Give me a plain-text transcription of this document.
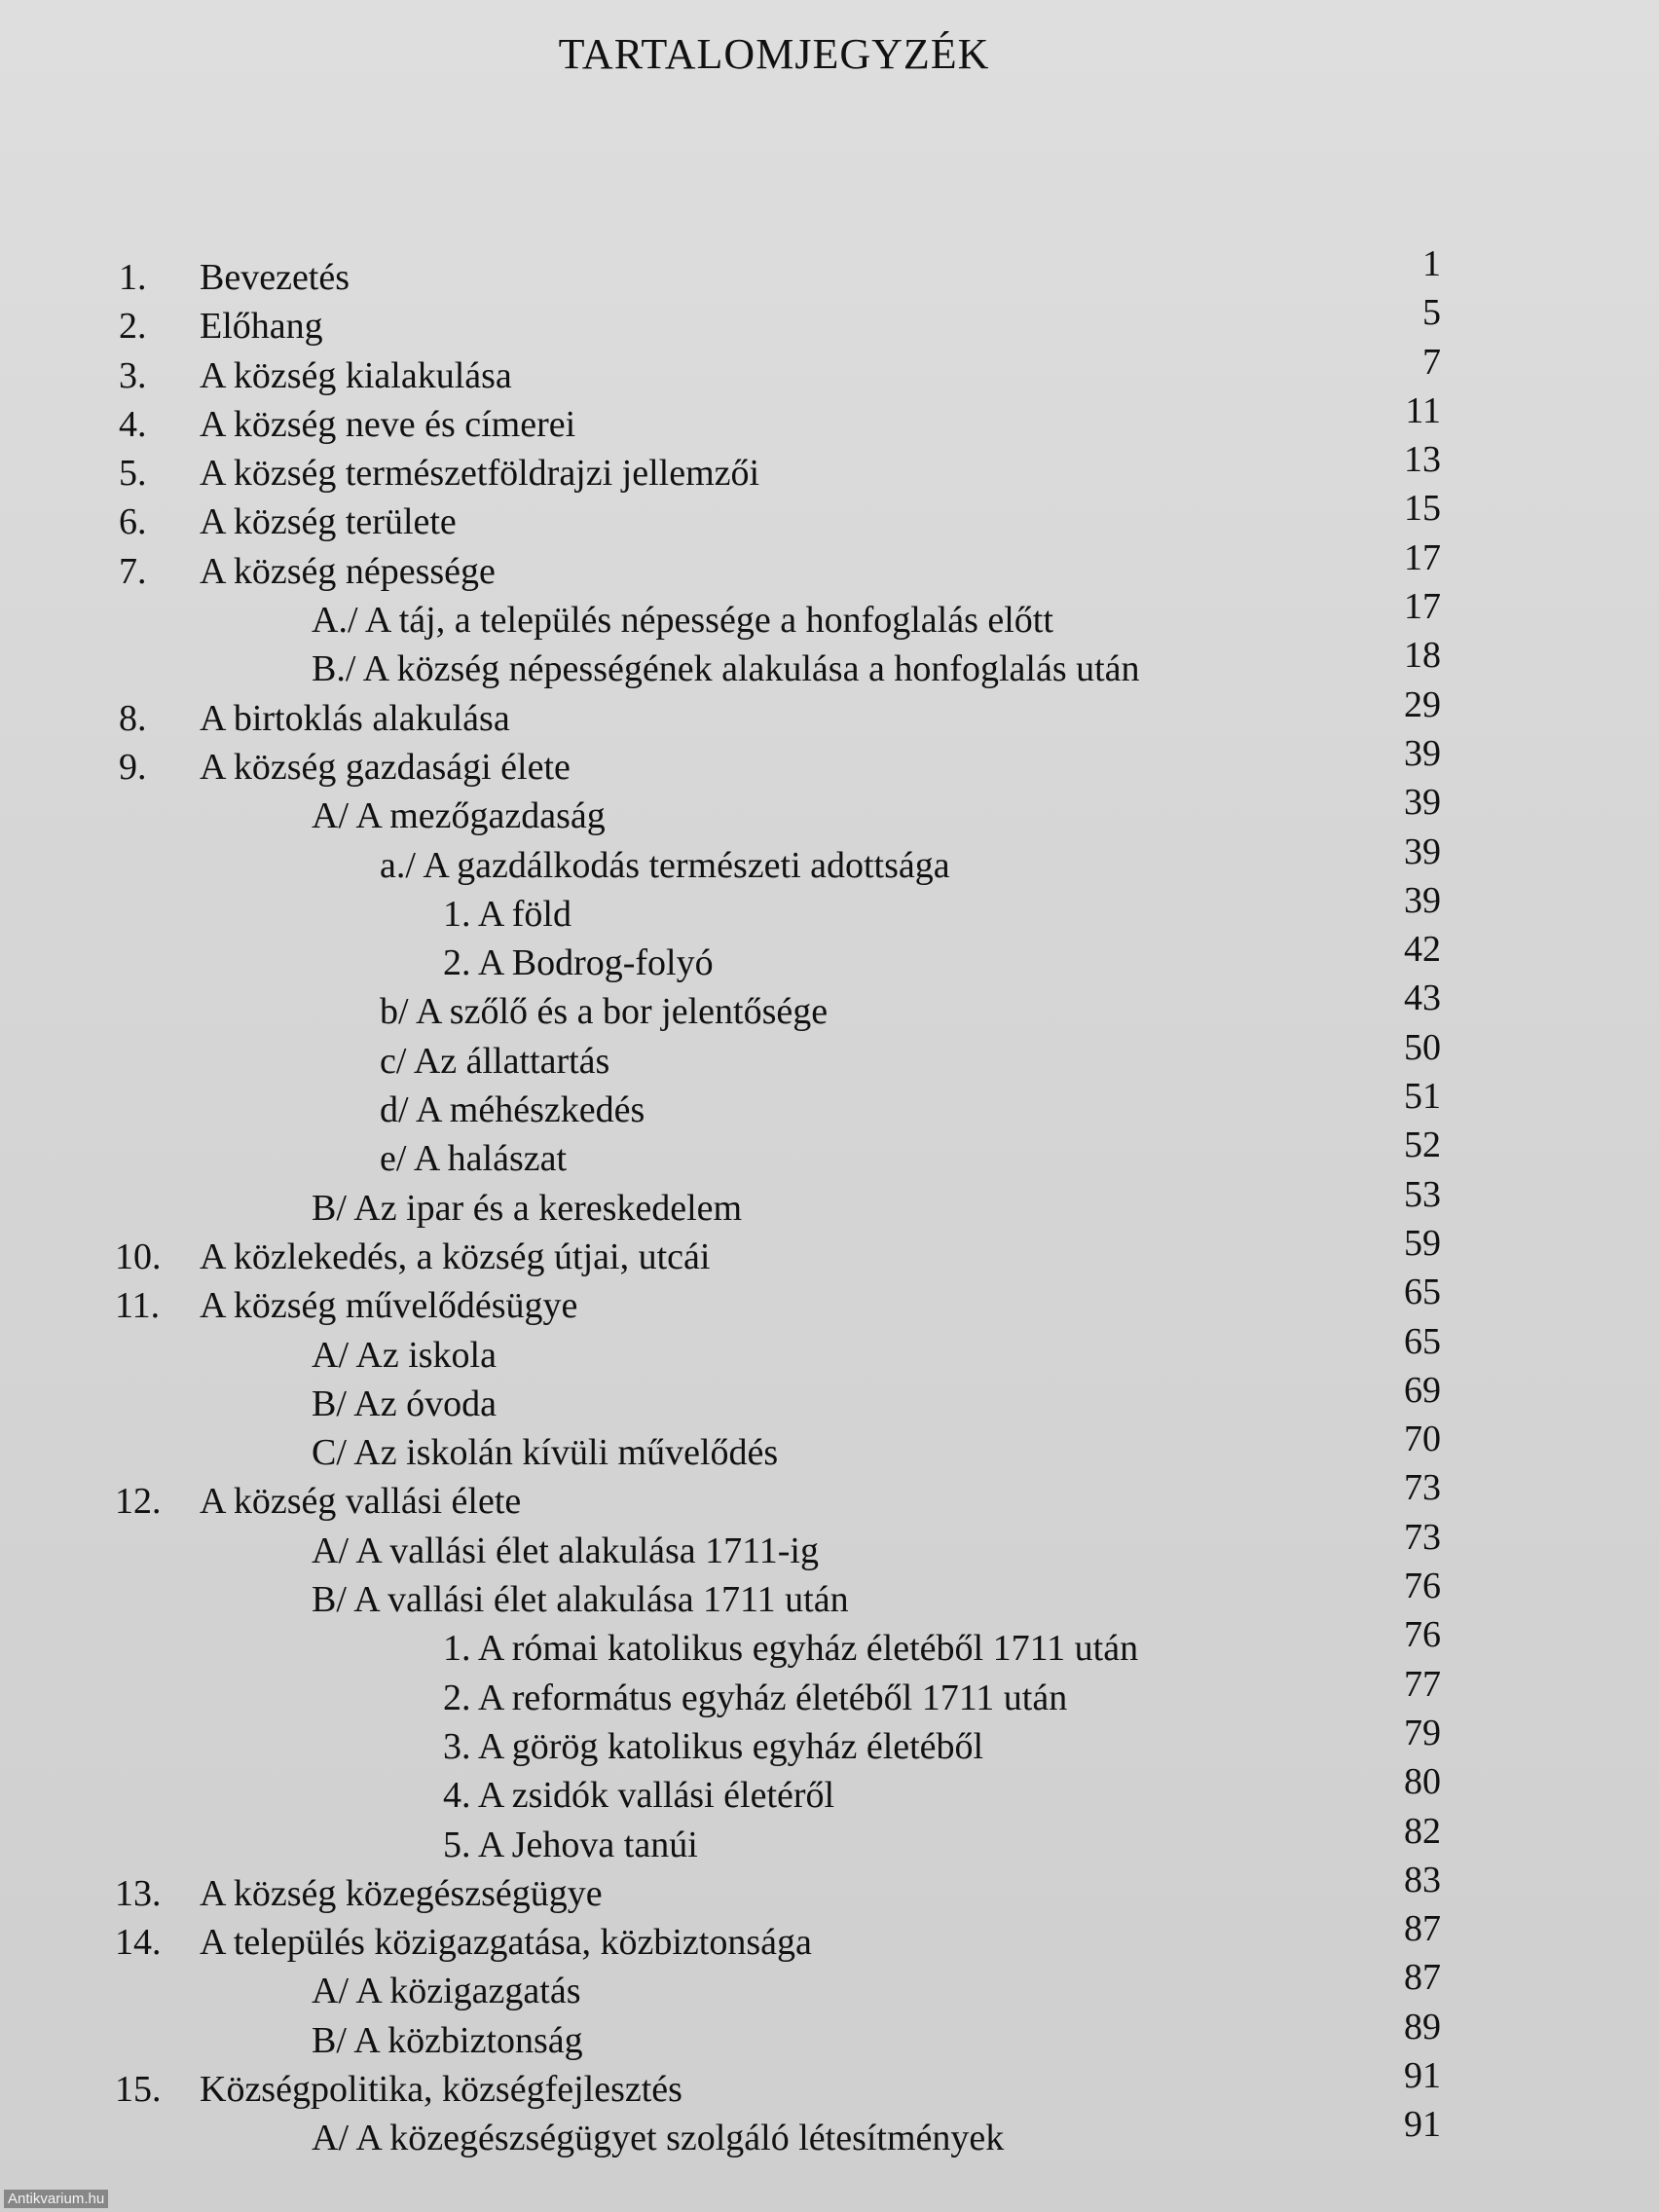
TARTALOMJEGYZÉK
1.	Bevezetés	1
2.	Előhang	5
3.	A község kialakulása	7
4.	A község neve és címerei	11
5.	A község természetföldrajzi jellemzői	13
6.	A község területe	15
7.	A község népessége	17
A./ A táj, a település népessége a honfoglalás előtt	17
B./ A község népességének alakulása a honfoglalás után	18
8.	A birtoklás alakulása	29
9.	A község gazdasági élete	39
A/ A mezőgazdaság	39
a./ A gazdálkodás természeti adottsága	39
1. A föld	39
2. A Bodrog-folyó	42
b/ A szőlő és a bor jelentősége	43
c/ Az állattartás	50
d/ A méhészkedés	51
e/ A halászat	52
B/ Az ipar és a kereskedelem	53
10.	A közlekedés, a község útjai, utcái	59
11.	A község művelődésügye	65
A/ Az iskola	65
B/ Az óvoda	69
C/ Az iskolán kívüli művelődés	70
12.	A község vallási élete	73
A/ A vallási élet alakulása 1711-ig	73
B/ A vallási élet alakulása 1711 után	76
1. A római katolikus egyház életéből 1711 után	76
2. A református egyház életéből 1711 után	77
3. A görög katolikus egyház életéből	79
4. A zsidók vallási életéről	80
5. A Jehova tanúi	82
13.	A község közegészségügye	83
14.	A település közigazgatása, közbiztonsága	87
A/ A közigazgatás	87
B/ A közbiztonság	89
15.	Községpolitika, községfejlesztés	91
A/ A közegészségügyet szolgáló létesítmények	91
Antikvarium.hu
